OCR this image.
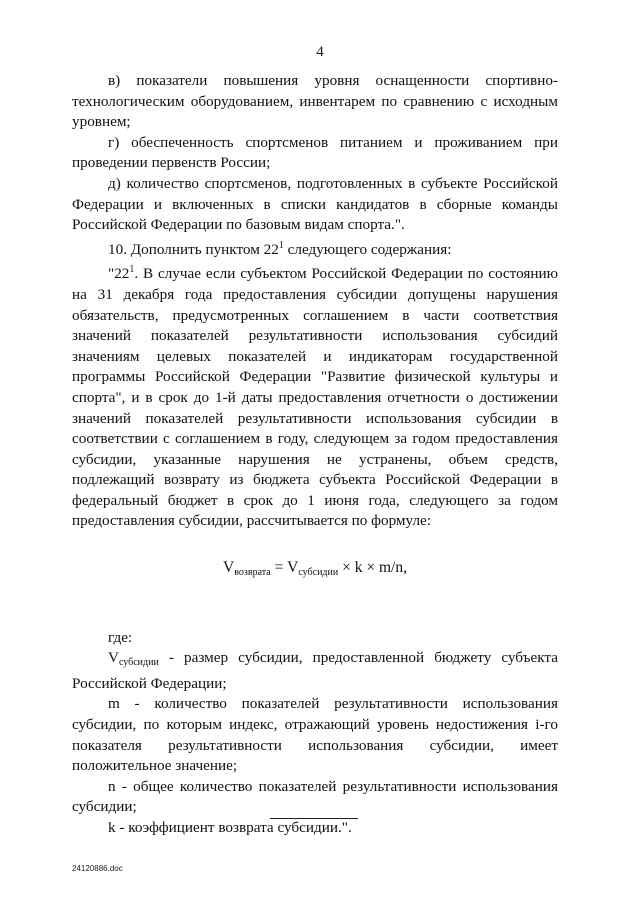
4

в) показатели повышения уровня оснащенности спортивно-технологическим оборудованием, инвентарем по сравнению с исходным уровнем;

г) обеспеченность спортсменов питанием и проживанием при проведении первенств России;

д) количество спортсменов, подготовленных в субъекте Российской Федерации и включенных в списки кандидатов в сборные команды Российской Федерации по базовым видам спорта.".

10. Дополнить пунктом $22^1$ следующего содержания:

"$22^1$. В случае если субъектом Российской Федерации по состоянию на 31 декабря года предоставления субсидии допущены нарушения обязательств, предусмотренных соглашением в части соответствия значений показателей результативности использования субсидий значениям целевых показателей и индикаторам государственной программы Российской Федерации "Развитие физической культуры и спорта", и в срок до 1-й даты предоставления отчетности о достижении значений показателей результативности использования субсидии в соответствии с соглашением в году, следующем за годом предоставления субсидии, указанные нарушения не устранены, объем средств, подлежащий возврату из бюджета субъекта Российской Федерации в федеральный бюджет в срок до 1 июня года, следующего за годом предоставления субсидии, рассчитывается по формуле:

$V_{возврата} = V_{субсидии} \times k \times m/n$,

где:

$V_{субсидии}$ - размер субсидии, предоставленной бюджету субъекта Российской Федерации;

m - количество показателей результативности использования субсидии, по которым индекс, отражающий уровень недостижения i-го показателя результативности использования субсидии, имеет положительное значение;

n - общее количество показателей результативности использования субсидии;

k - коэффициент возврата субсидии.".

24120886.doc
